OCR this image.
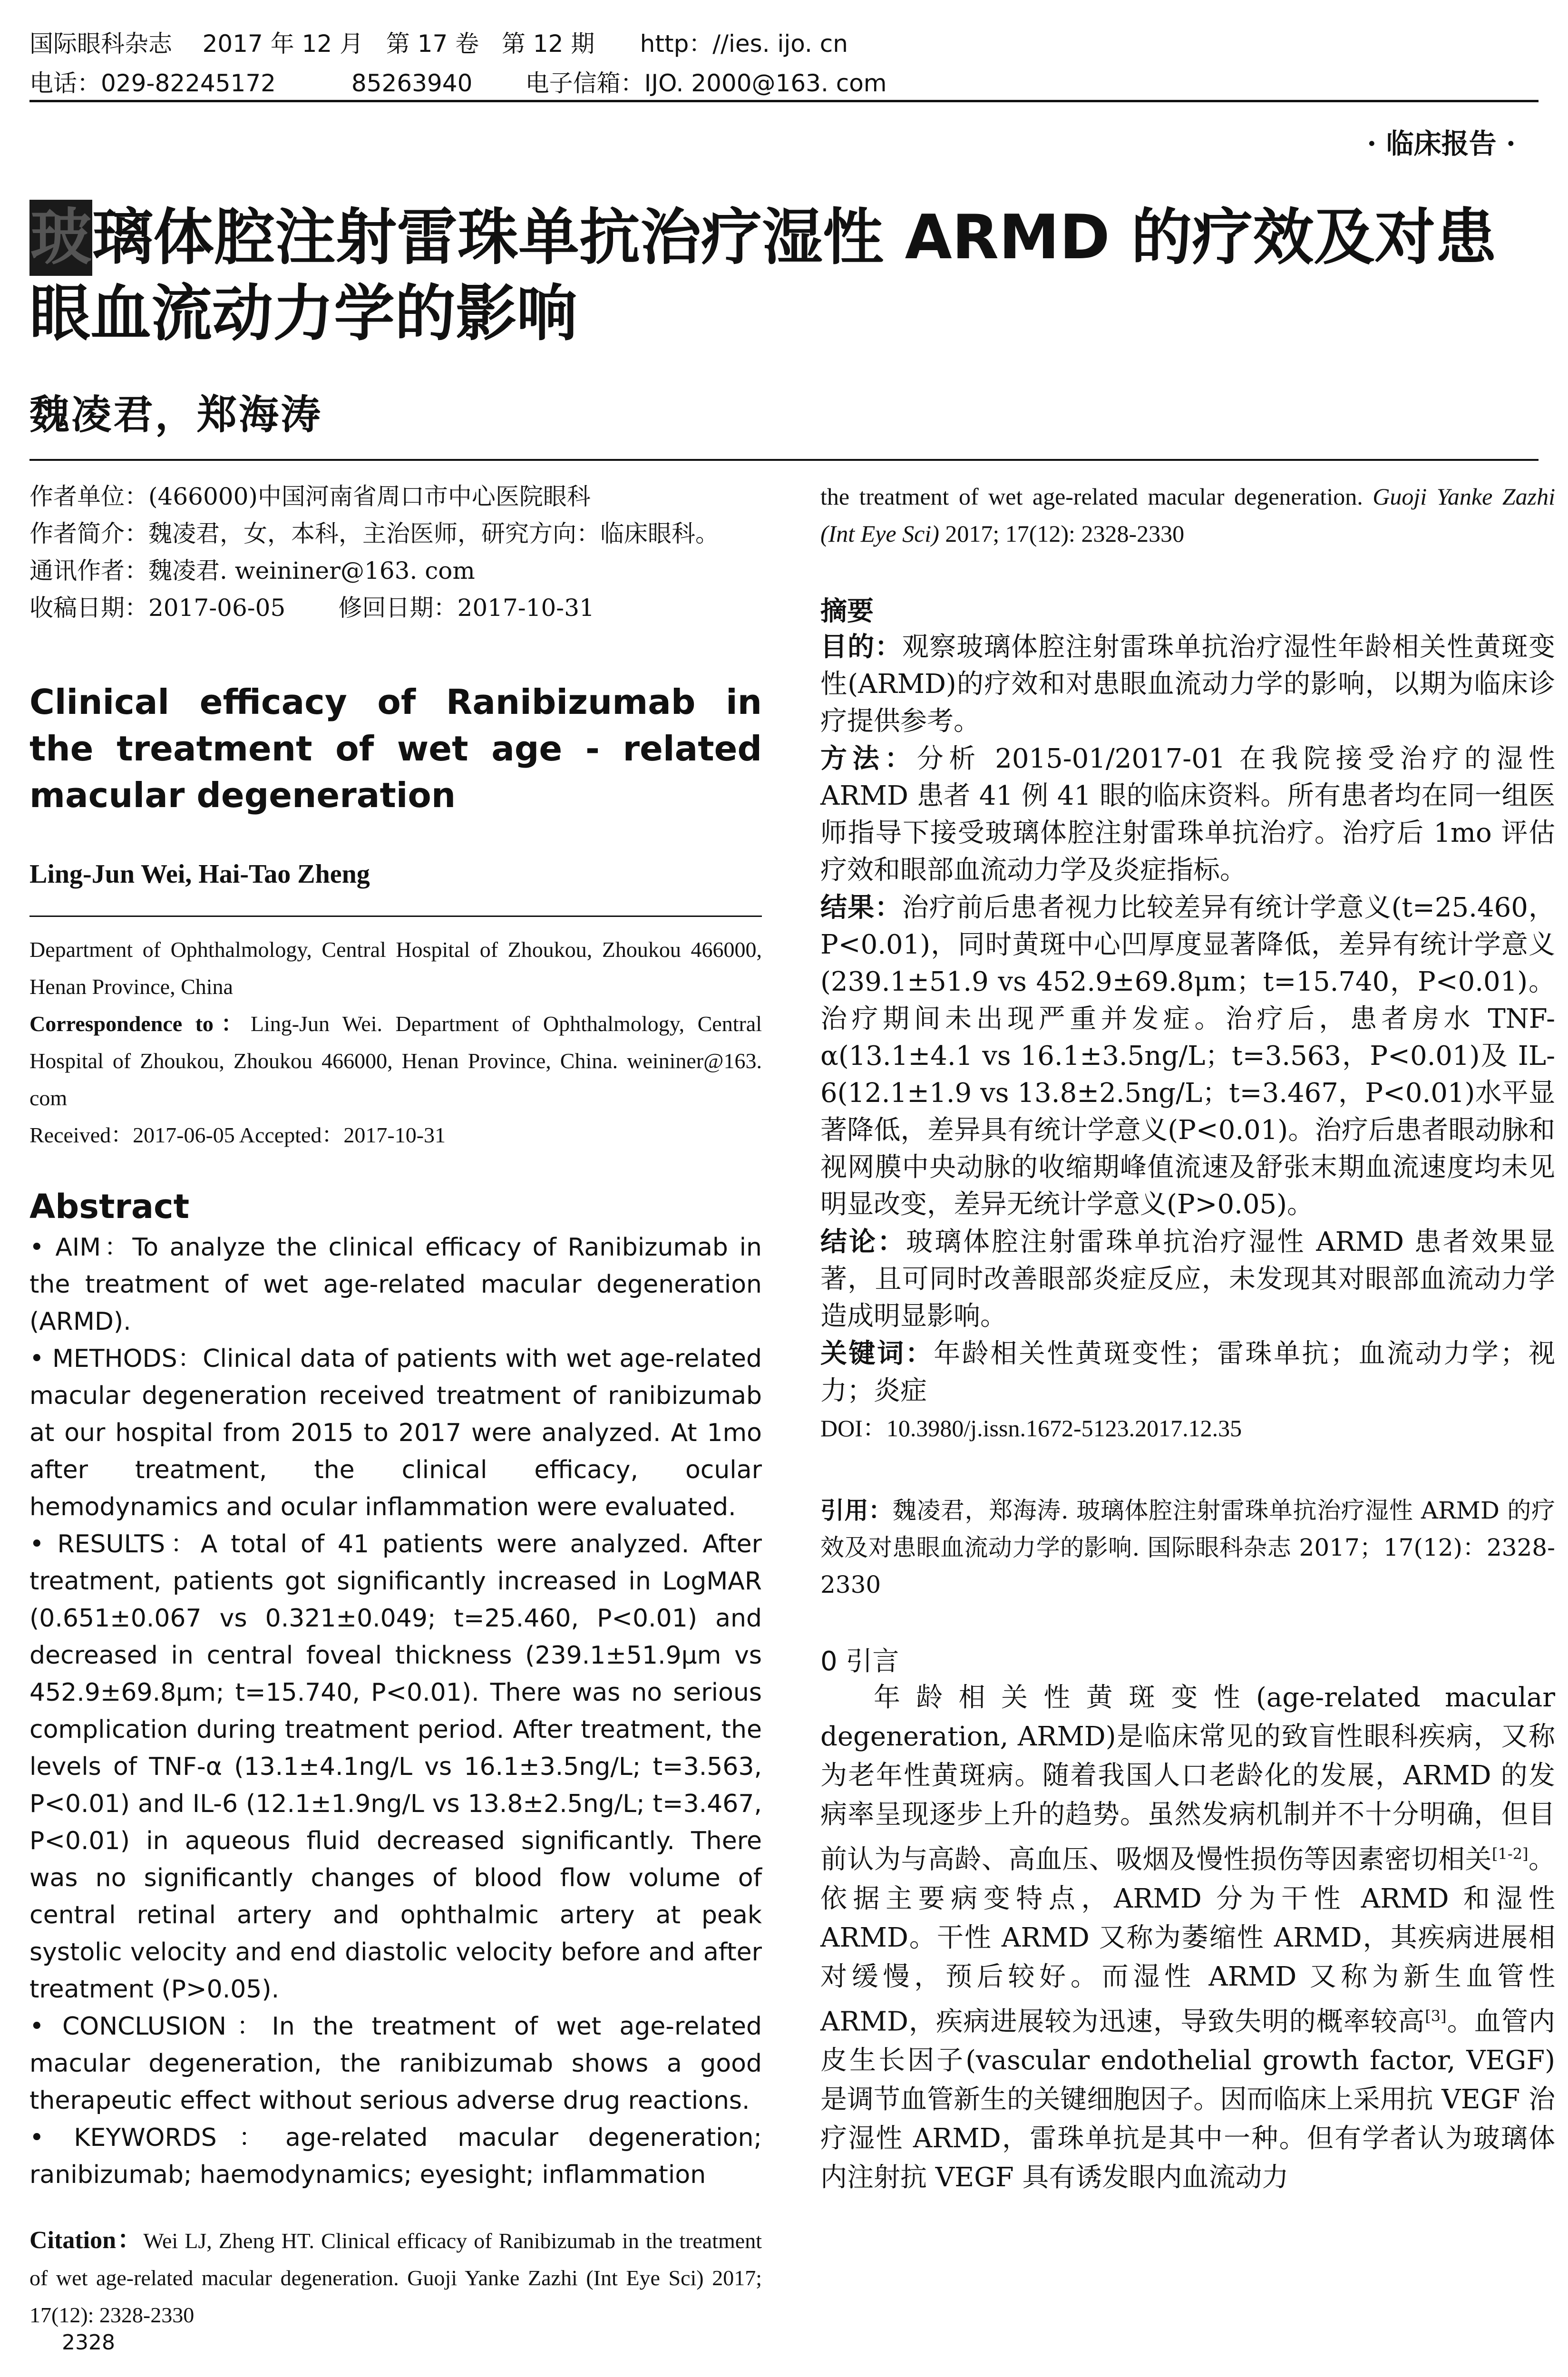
国际眼科杂志    2017 年 12 月   第 17 卷   第 12 期      http：//ies. ijo. cn
电话：029-82245172          85263940       电子信箱：IJO. 2000@163. com
· 临床报告 ·
玻璃体腔注射雷珠单抗治疗湿性 ARMD 的疗效及对患眼血流动力学的影响
魏凌君，郑海涛
作者单位：(466000)中国河南省周口市中心医院眼科
作者简介：魏凌君，女，本科，主治医师，研究方向：临床眼科。
通讯作者：魏凌君. weininer@163. com
收稿日期：2017-06-05       修回日期：2017-10-31
Clinical efficacy of Ranibizumab in the treatment of wet age - related macular degeneration
Ling-Jun Wei, Hai-Tao Zheng
Department of Ophthalmology, Central Hospital of Zhoukou, Zhoukou 466000, Henan Province, China
Correspondence to：Ling-Jun Wei. Department of Ophthalmology, Central Hospital of Zhoukou, Zhoukou 466000, Henan Province, China. weininer@163. com
Received：2017-06-05 Accepted：2017-10-31
Abstract
• AIM：To analyze the clinical efficacy of Ranibizumab in the treatment of wet age-related macular degeneration (ARMD).
• METHODS：Clinical data of patients with wet age-related macular degeneration received treatment of ranibizumab at our hospital from 2015 to 2017 were analyzed. At 1mo after treatment, the clinical efficacy, ocular hemodynamics and ocular inflammation were evaluated.
• RESULTS：A total of 41 patients were analyzed. After treatment, patients got significantly increased in LogMAR (0.651±0.067 vs 0.321±0.049; t=25.460, P<0.01) and decreased in central foveal thickness (239.1±51.9μm vs 452.9±69.8μm; t=15.740, P<0.01). There was no serious complication during treatment period. After treatment, the levels of TNF-α (13.1±4.1ng/L vs 16.1±3.5ng/L; t=3.563, P<0.01) and IL-6 (12.1±1.9ng/L vs 13.8±2.5ng/L; t=3.467, P<0.01) in aqueous fluid decreased significantly. There was no significantly changes of blood flow volume of central retinal artery and ophthalmic artery at peak systolic velocity and end diastolic velocity before and after treatment (P>0.05).
• CONCLUSION：In the treatment of wet age-related macular degeneration, the ranibizumab shows a good therapeutic effect without serious adverse drug reactions.
• KEYWORDS：age-related macular degeneration; ranibizumab; haemodynamics; eyesight; inflammation
Citation：Wei LJ, Zheng HT. Clinical efficacy of Ranibizumab in the treatment of wet age-related macular degeneration. Guoji Yanke Zazhi (Int Eye Sci) 2017; 17(12): 2328-2330
the treatment of wet age-related macular degeneration. Guoji Yanke Zazhi (Int Eye Sci) 2017; 17(12): 2328-2330
摘要
目的：观察玻璃体腔注射雷珠单抗治疗湿性年龄相关性黄斑变性(ARMD)的疗效和对患眼血流动力学的影响，以期为临床诊疗提供参考。
方法：分析 2015-01/2017-01 在我院接受治疗的湿性 ARMD 患者 41 例 41 眼的临床资料。所有患者均在同一组医师指导下接受玻璃体腔注射雷珠单抗治疗。治疗后 1mo 评估疗效和眼部血流动力学及炎症指标。
结果：治疗前后患者视力比较差异有统计学意义(t=25.460，P<0.01)，同时黄斑中心凹厚度显著降低，差异有统计学意义(239.1±51.9 vs 452.9±69.8μm；t=15.740，P<0.01)。治疗期间未出现严重并发症。治疗后，患者房水 TNF-α(13.1±4.1 vs 16.1±3.5ng/L；t=3.563，P<0.01)及 IL-6(12.1±1.9 vs 13.8±2.5ng/L；t=3.467，P<0.01)水平显著降低，差异具有统计学意义(P<0.01)。治疗后患者眼动脉和视网膜中央动脉的收缩期峰值流速及舒张末期血流速度均未见明显改变，差异无统计学意义(P>0.05)。
结论：玻璃体腔注射雷珠单抗治疗湿性 ARMD 患者效果显著，且可同时改善眼部炎症反应，未发现其对眼部血流动力学造成明显影响。
关键词：年龄相关性黄斑变性；雷珠单抗；血流动力学；视力；炎症
DOI：10.3980/j.issn.1672-5123.2017.12.35
引用：魏凌君，郑海涛. 玻璃体腔注射雷珠单抗治疗湿性 ARMD 的疗效及对患眼血流动力学的影响. 国际眼科杂志 2017；17(12)：2328-2330
0 引言
年龄相关性黄斑变性(age-related macular degeneration, ARMD)是临床常见的致盲性眼科疾病，又称为老年性黄斑病。随着我国人口老龄化的发展，ARMD 的发病率呈现逐步上升的趋势。虽然发病机制并不十分明确，但目前认为与高龄、高血压、吸烟及慢性损伤等因素密切相关[1-2]。依据主要病变特点，ARMD 分为干性 ARMD 和湿性 ARMD。干性 ARMD 又称为萎缩性 ARMD，其疾病进展相对缓慢，预后较好。而湿性 ARMD 又称为新生血管性 ARMD，疾病进展较为迅速，导致失明的概率较高[3]。血管内皮生长因子(vascular endothelial growth factor, VEGF)是调节血管新生的关键细胞因子。因而临床上采用抗 VEGF 治疗湿性 ARMD，雷珠单抗是其中一种。但有学者认为玻璃体内注射抗 VEGF 具有诱发眼内血流动力
2328
